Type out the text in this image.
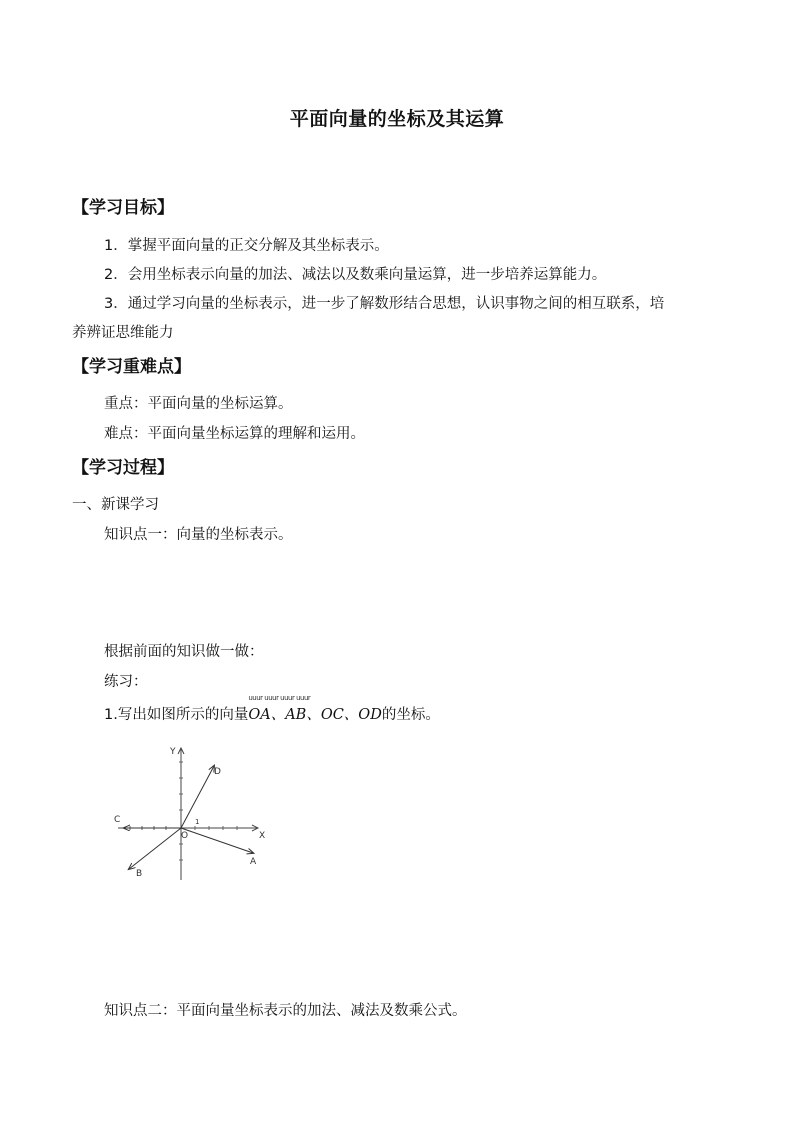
平面向量的坐标及其运算
【学习目标】
1．掌握平面向量的正交分解及其坐标表示。
2．会用坐标表示向量的加法、减法以及数乘向量运算，进一步培养运算能力。
3．通过学习向量的坐标表示，进一步了解数形结合思想，认识事物之间的相互联系，培
养辨证思维能力
【学习重难点】
重点：平面向量的坐标运算。
难点：平面向量坐标运算的理解和运用。
【学习过程】
一、新课学习
知识点一：向量的坐标表示。
根据前面的知识做一做：
练习：
1.写出如图所示的向量
uuur uuur uuur uuur
OA、AB、OC、OD的坐标。
Y
X
O
1
D
A
B
C
知识点二：平面向量坐标表示的加法、减法及数乘公式。
